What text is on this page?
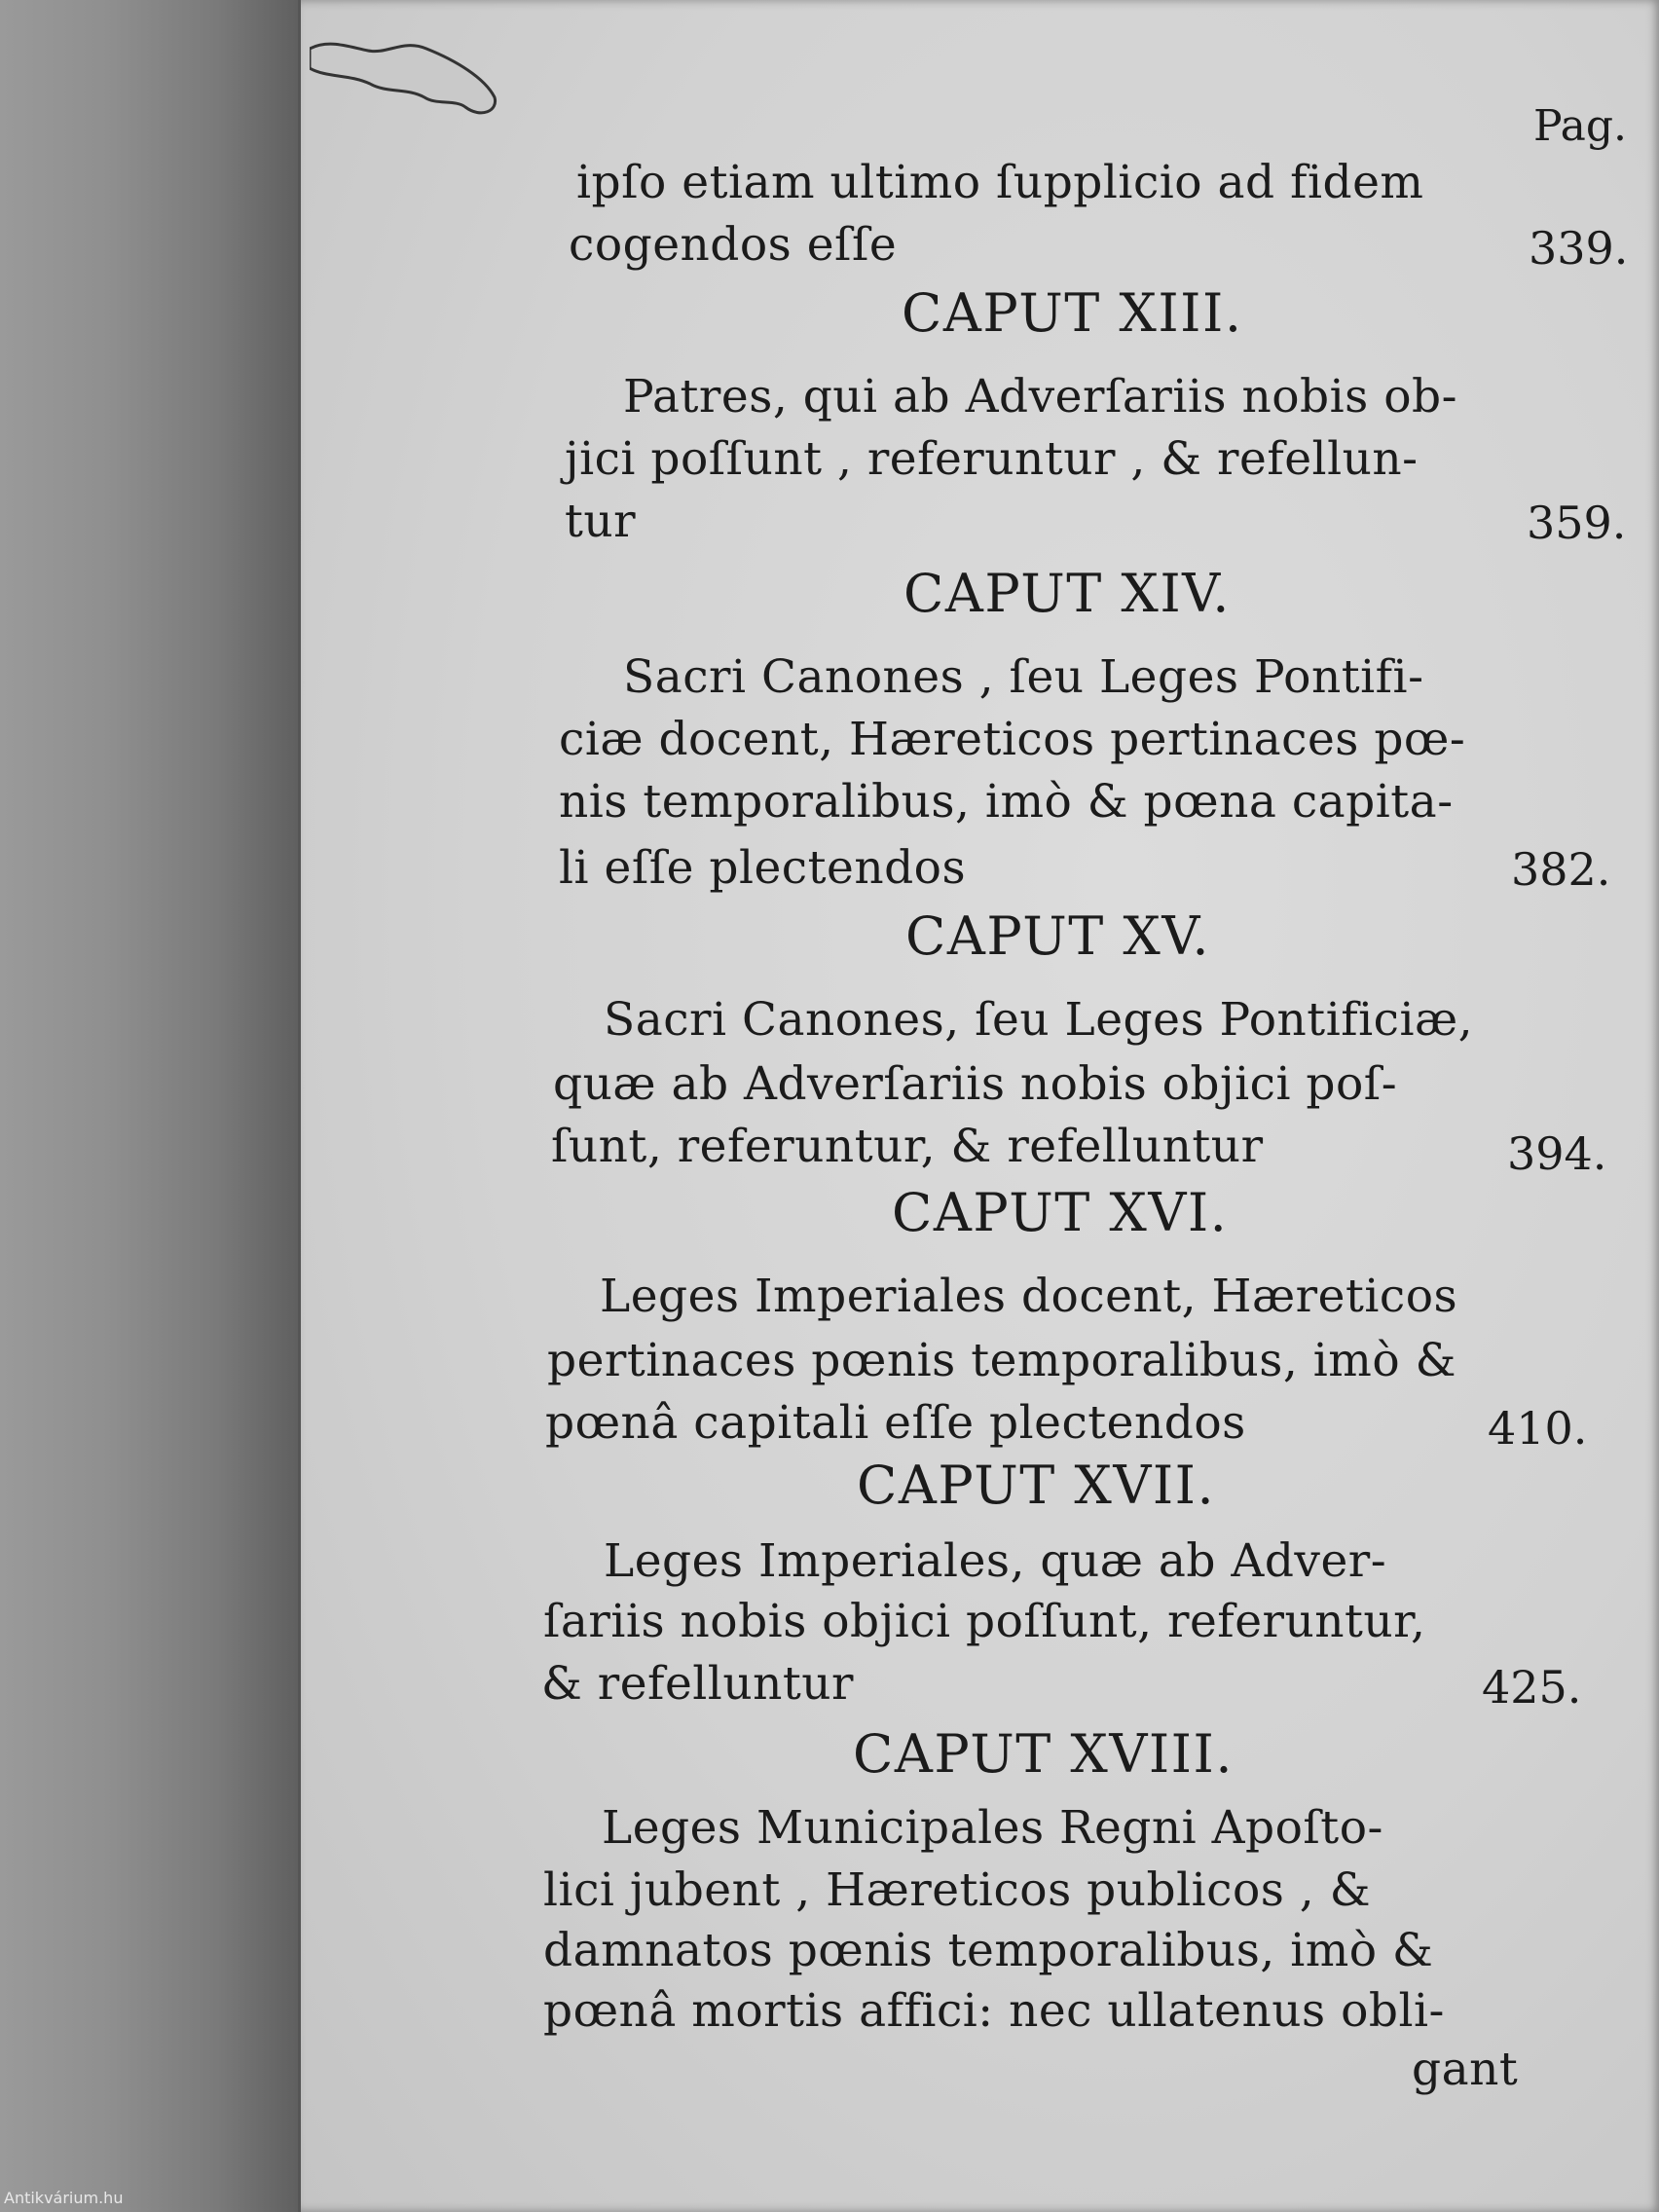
Pag.
ipſo etiam ultimo ſupplicio ad fidem
cogendos eſſe	339.
CAPUT XIII.
Patres, qui ab Adverſariis nobis ob-
jici poſſunt , referuntur , & refellun-
tur	359.
CAPUT XIV.
Sacri Canones , ſeu Leges Pontifi-
ciæ docent, Hæreticos pertinaces pœ-
nis temporalibus, imò & pœna capita-
li eſſe plectendos	382.
CAPUT XV.
Sacri Canones, ſeu Leges Pontificiæ,
quæ ab Adverſariis nobis objici poſ-
ſunt, referuntur, & refelluntur	394.
CAPUT XVI.
Leges Imperiales docent, Hæreticos
pertinaces pœnis temporalibus, imò &
pœnâ capitali eſſe plectendos	410.
CAPUT XVII.
Leges Imperiales, quæ ab Adver-
ſariis nobis objici poſſunt, referuntur,
& refelluntur	425.
CAPUT XVIII.
Leges Municipales Regni Apoſto-
lici jubent , Hæreticos publicos , &
damnatos pœnis temporalibus, imò &
pœnâ mortis affici: nec ullatenus obli-
gant
Antikvárium.hu
